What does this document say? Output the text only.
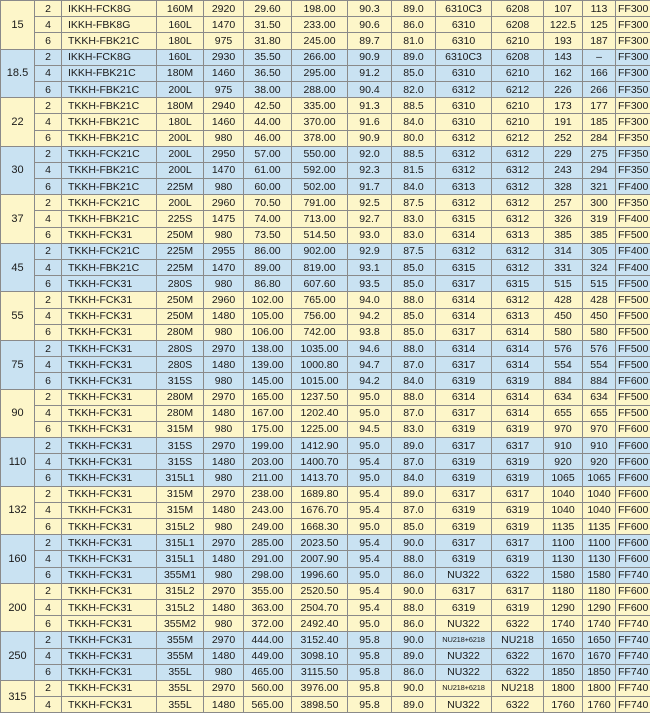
15	2	IKKH-FCK8G	160M	2920	29.60	198.00	90.3	89.0	6310C3	6208	107	113	FF300
	4	IKKH-FBK8G	160L	1470	31.50	233.00	90.6	86.0	6310	6208	122.5	125	FF300
	6	TKKH-FBK21C	180L	975	31.80	245.00	89.7	81.0	6310	6210	193	187	FF300
18.5	2	IKKH-FCK8G	160L	2930	35.50	266.00	90.9	89.0	6310C3	6208	143	–	FF300
	4	IKKH-FBK21C	180M	1460	36.50	295.00	91.2	85.0	6310	6210	162	166	FF300
	6	TKKH-FBK21C	200L	975	38.00	288.00	90.4	82.0	6312	6212	226	266	FF350
22	2	TKKH-FBK21C	180M	2940	42.50	335.00	91.3	88.5	6310	6210	173	177	FF300
	4	TKKH-FBK21C	180L	1460	44.00	370.00	91.6	84.0	6310	6210	191	185	FF300
	6	TKKH-FBK21C	200L	980	46.00	378.00	90.9	80.0	6312	6212	252	284	FF350
30	2	TKKH-FCK21C	200L	2950	57.00	550.00	92.0	88.5	6312	6312	229	275	FF350
	4	TKKH-FBK21C	200L	1470	61.00	592.00	92.3	81.5	6312	6312	243	294	FF350
	6	TKKH-FBK21C	225M	980	60.00	502.00	91.7	84.0	6313	6312	328	321	FF400
37	2	TKKH-FCK21C	200L	2960	70.50	791.00	92.5	87.5	6312	6312	257	300	FF350
	4	TKKH-FBK21C	225S	1475	74.00	713.00	92.7	83.0	6315	6312	326	319	FF400
	6	TKKH-FCK31	250M	980	73.50	514.50	93.0	83.0	6314	6313	385	385	FF500
45	2	TKKH-FCK21C	225M	2955	86.00	902.00	92.9	87.5	6312	6312	314	305	FF400
	4	TKKH-FBK21C	225M	1470	89.00	819.00	93.1	85.0	6315	6312	331	324	FF400
	6	TKKH-FCK31	280S	980	86.80	607.60	93.5	85.0	6317	6315	515	515	FF500
55	2	TKKH-FCK31	250M	2960	102.00	765.00	94.0	88.0	6314	6312	428	428	FF500
	4	TKKH-FCK31	250M	1480	105.00	756.00	94.2	85.0	6314	6313	450	450	FF500
	6	TKKH-FCK31	280M	980	106.00	742.00	93.8	85.0	6317	6314	580	580	FF500
75	2	TKKH-FCK31	280S	2970	138.00	1035.00	94.6	88.0	6314	6314	576	576	FF500
	4	TKKH-FCK31	280S	1480	139.00	1000.80	94.7	87.0	6317	6314	554	554	FF500
	6	TKKH-FCK31	315S	980	145.00	1015.00	94.2	84.0	6319	6319	884	884	FF600
90	2	TKKH-FCK31	280M	2970	165.00	1237.50	95.0	88.0	6314	6314	634	634	FF500
	4	TKKH-FCK31	280M	1480	167.00	1202.40	95.0	87.0	6317	6314	655	655	FF500
	6	TKKH-FCK31	315M	980	175.00	1225.00	94.5	83.0	6319	6319	970	970	FF600
110	2	TKKH-FCK31	315S	2970	199.00	1412.90	95.0	89.0	6317	6317	910	910	FF600
	4	TKKH-FCK31	315S	1480	203.00	1400.70	95.4	87.0	6319	6319	920	920	FF600
	6	TKKH-FCK31	315L1	980	211.00	1413.70	95.0	84.0	6319	6319	1065	1065	FF600
132	2	TKKH-FCK31	315M	2970	238.00	1689.80	95.4	89.0	6317	6317	1040	1040	FF600
	4	TKKH-FCK31	315M	1480	243.00	1676.70	95.4	87.0	6319	6319	1040	1040	FF600
	6	TKKH-FCK31	315L2	980	249.00	1668.30	95.0	85.0	6319	6319	1135	1135	FF600
160	2	TKKH-FCK31	315L1	2970	285.00	2023.50	95.4	90.0	6317	6317	1100	1100	FF600
	4	TKKH-FCK31	315L1	1480	291.00	2007.90	95.4	88.0	6319	6319	1130	1130	FF600
	6	TKKH-FCK31	355M1	980	298.00	1996.60	95.0	86.0	NU322	6322	1580	1580	FF740
200	2	TKKH-FCK31	315L2	2970	355.00	2520.50	95.4	90.0	6317	6317	1180	1180	FF600
	4	TKKH-FCK31	315L2	1480	363.00	2504.70	95.4	88.0	6319	6319	1290	1290	FF600
	6	TKKH-FCK31	355M2	980	372.00	2492.40	95.0	86.0	NU322	6322	1740	1740	FF740
250	2	TKKH-FCK31	355M	2970	444.00	3152.40	95.8	90.0	NU218+6218	NU218	1650	1650	FF740
	4	TKKH-FCK31	355M	1480	449.00	3098.10	95.8	89.0	NU322	6322	1670	1670	FF740
	6	TKKH-FCK31	355L	980	465.00	3115.50	95.8	86.0	NU322	6322	1850	1850	FF740
315	2	TKKH-FCK31	355L	2970	560.00	3976.00	95.8	90.0	NU218+6218	NU218	1800	1800	FF740
	4	TKKH-FCK31	355L	1480	565.00	3898.50	95.8	89.0	NU322	6322	1760	1760	FF740
